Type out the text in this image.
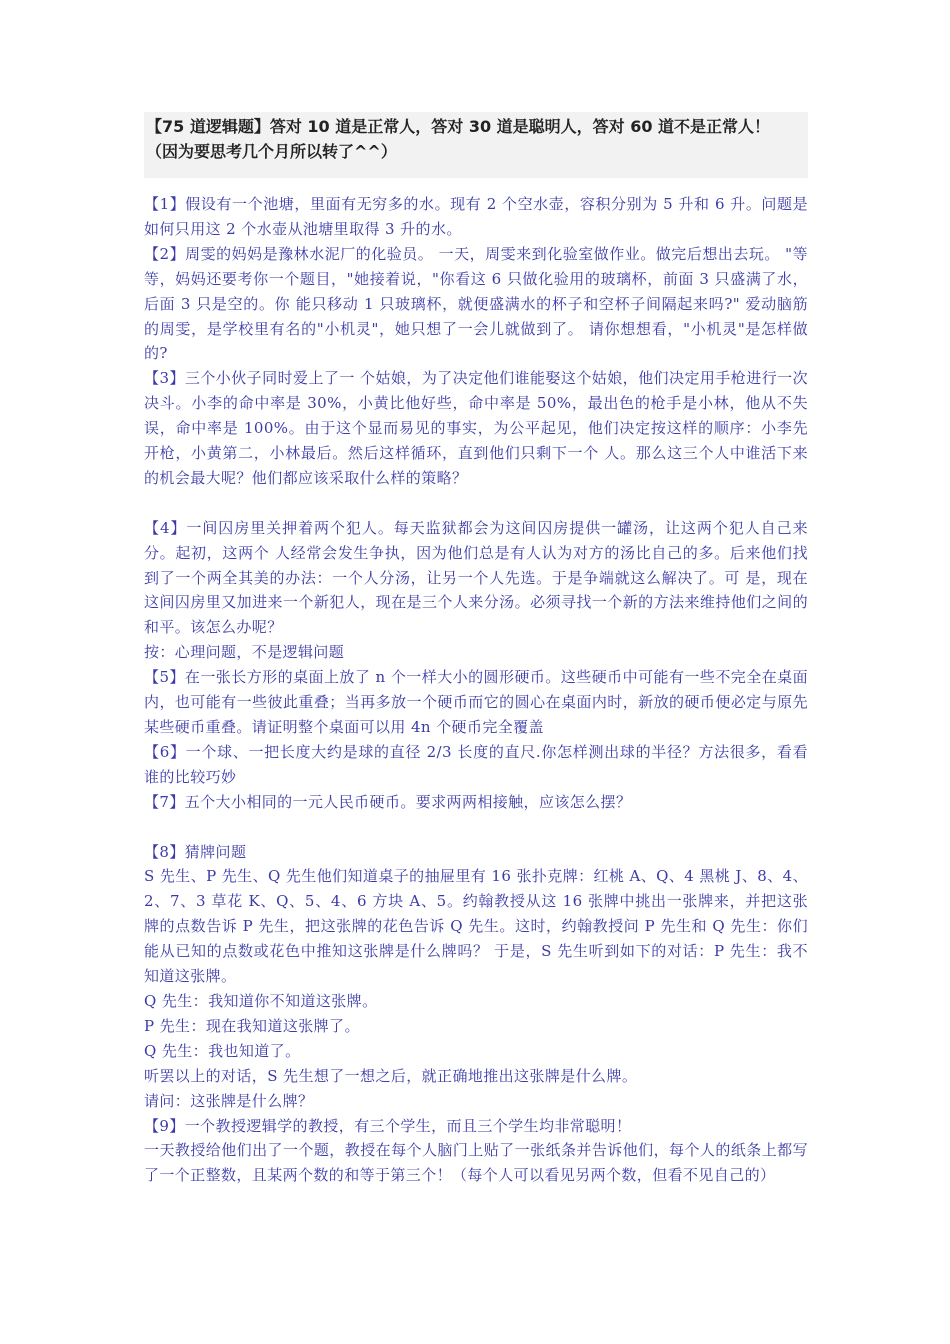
【75 道逻辑题】答对 10 道是正常人，答对 30 道是聪明人，答对 60 道不是正常人！
（因为要思考几个月所以转了^^）

【1】假设有一个池塘，里面有无穷多的水。现有 2 个空水壶，容积分别为 5 升和 6 升。问题是如何只用这 2 个水壶从池塘里取得 3 升的水。

【2】周雯的妈妈是豫林水泥厂的化验员。 一天，周雯来到化验室做作业。做完后想出去玩。 "等等，妈妈还要考你一个题目，"她接着说，"你看这 6 只做化验用的玻璃杯，前面 3 只盛满了水，后面 3 只是空的。你 能只移动 1 只玻璃杯，就便盛满水的杯子和空杯子间隔起来吗?" 爱动脑筋的周雯，是学校里有名的"小机灵"，她只想了一会儿就做到了。 请你想想看，"小机灵"是怎样做的?

【3】三个小伙子同时爱上了一 个姑娘，为了决定他们谁能娶这个姑娘，他们决定用手枪进行一次决斗。小李的命中率是 30%，小黄比他好些，命中率是 50%，最出色的枪手是小林，他从不失 误，命中率是 100%。由于这个显而易见的事实，为公平起见，他们决定按这样的顺序：小李先开枪，小黄第二，小林最后。然后这样循环，直到他们只剩下一个 人。那么这三个人中谁活下来的机会最大呢？他们都应该采取什么样的策略？

【4】一间囚房里关押着两个犯人。每天监狱都会为这间囚房提供一罐汤，让这两个犯人自己来分。起初，这两个 人经常会发生争执，因为他们总是有人认为对方的汤比自己的多。后来他们找到了一个两全其美的办法：一个人分汤，让另一个人先选。于是争端就这么解决了。可 是，现在这间囚房里又加进来一个新犯人，现在是三个人来分汤。必须寻找一个新的方法来维持他们之间的和平。该怎么办呢？

按：心理问题，不是逻辑问题

【5】在一张长方形的桌面上放了 n 个一样大小的圆形硬币。这些硬币中可能有一些不完全在桌面内，也可能有一些彼此重叠；当再多放一个硬币而它的圆心在桌面内时，新放的硬币便必定与原先某些硬币重叠。请证明整个桌面可以用 4n 个硬币完全覆盖

【6】一个球、一把长度大约是球的直径 2/3 长度的直尺.你怎样测出球的半径？方法很多，看看谁的比较巧妙

【7】五个大小相同的一元人民币硬币。要求两两相接触，应该怎么摆？

【8】猜牌问题

S 先生、P 先生、Q 先生他们知道桌子的抽屉里有 16 张扑克牌：红桃 A、Q、4 黑桃 J、8、4、2、7、3 草花 K、Q、5、4、6 方块 A、5。约翰教授从这 16 张牌中挑出一张牌来，并把这张牌的点数告诉 P 先生，把这张牌的花色告诉 Q 先生。这时，约翰教授问 P 先生和 Q 先生：你们能从已知的点数或花色中推知这张牌是什么牌吗？ 于是，S 先生听到如下的对话：P 先生：我不知道这张牌。

Q 先生：我知道你不知道这张牌。

P 先生：现在我知道这张牌了。

Q 先生：我也知道了。

听罢以上的对话，S 先生想了一想之后，就正确地推出这张牌是什么牌。

请问：这张牌是什么牌？

【9】一个教授逻辑学的教授，有三个学生，而且三个学生均非常聪明！

一天教授给他们出了一个题，教授在每个人脑门上贴了一张纸条并告诉他们，每个人的纸条上都写了一个正整数，且某两个数的和等于第三个！（每个人可以看见另两个数，但看不见自己的）
